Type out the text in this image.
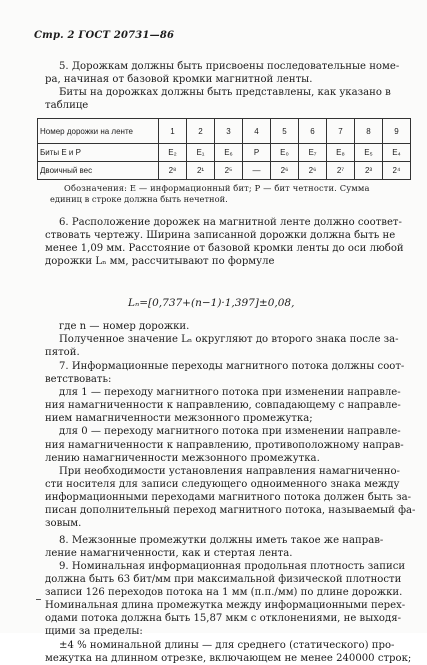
Стр. 2 ГОСТ 20731—86
5. Дорожкам должны быть присвоены последовательные номе-
ра, начиная от базовой кромки магнитной ленты.
Биты на дорожках должны быть представлены, как указано в
таблице
Номер дорожки на ленте	1	2	3	4	5	6	7	8	9
Биты Е и Р	E₂	E₁	E₆	P	E₀	E₇	E₈	E₅	E₄
Двоичный вес	2⁸	2¹	2⁵	—	2⁶	2⁶	2⁷	2³	2⁴
Обозначения: Е — информационный бит; Р — бит четности. Сумма
единиц в строке должна быть нечетной.
6. Расположение дорожек на магнитной ленте должно соответ-
ствовать чертежу. Ширина записанной дорожки должна быть не
менее 1,09 мм. Расстояние от базовой кромки ленты до оси любой
дорожки Lₙ мм, рассчитывают по формуле
Lₙ=[0,737+(n−1)·1,397]±0,08,
где n — номер дорожки.
Полученное значение Lₙ округляют до второго знака после за-
пятой.
7. Информационные переходы магнитного потока должны соот-
ветствовать:
для 1 — переходу магнитного потока при изменении направле-
ния намагниченности к направлению, совпадающему с направле-
нием намагниченности межзонного промежутка;
для 0 — переходу магнитного потока при изменении направле-
ния намагниченности к направлению, противоположному направ-
лению намагниченности межзонного промежутка.
При необходимости установления направления намагниченно-
сти носителя для записи следующего одноименного знака между
информационными переходами магнитного потока должен быть за-
писан дополнительный переход магнитного потока, называемый фа-
зовым.
8. Межзонные промежутки должны иметь такое же направ-
ление намагниченности, как и стертая лента.
9. Номинальная информационная продольная плотность записи
должна быть 63 бит/мм при максимальной физической плотности
записи 126 переходов потока на 1 мм (п.п./мм) по длине дорожки.
Номинальная длина промежутка между информационными перех-
одами потока должна быть 15,87 мкм с отклонениями, не выходя-
щими за пределы:
±4 % номинальной длины — для среднего (статического) про-
межутка на длинном отрезке, включающем не менее 240000 строк;
